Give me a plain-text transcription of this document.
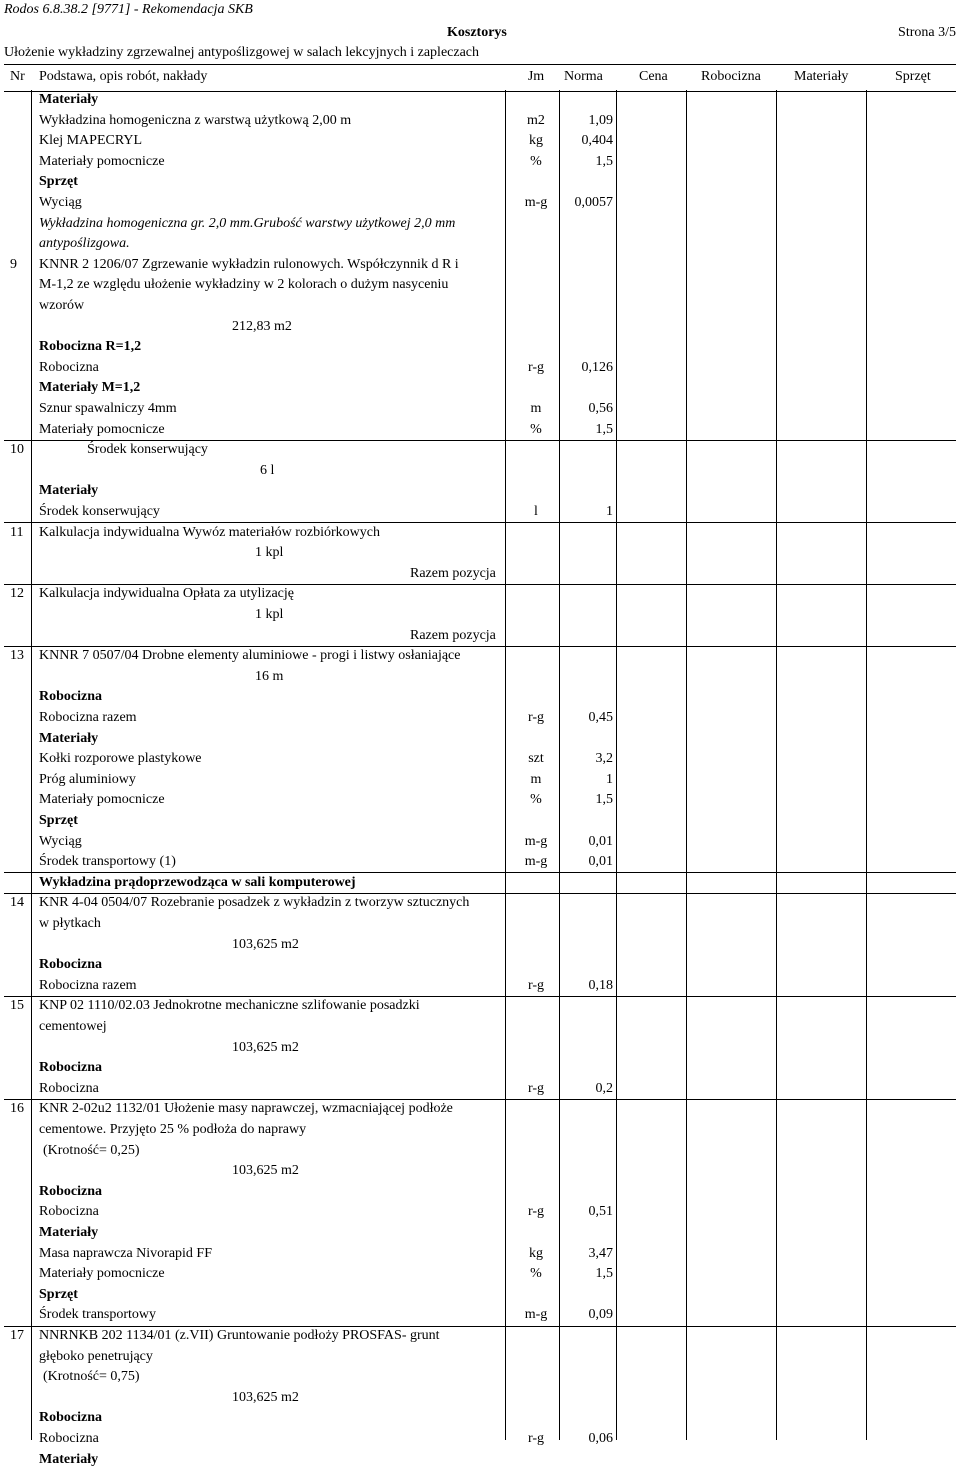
Rodos 6.8.38.2 [9771] - Rekomendacja SKB
Kosztorys	Strona 3/5
Ułożenie wykładziny zgrzewalnej antypoślizgowej w salach lekcyjnych i zapleczach
Nr Podstawa, opis robót, nakłady	Jm	Norma	Cena Robocizna Materiały	Sprzęt
Materiały
Wykładzina homogeniczna z warstwą użytkową 2,00 m	m2	1,09
Klej MAPECRYL	kg	0,404
Materiały pomocnicze	%	1,5
Sprzęt
Wyciąg	m-g	0,0057
Wykładzina homogeniczna gr. 2,0 mm.Grubość warstwy użytkowej 2,0 mm
antypoślizgowa.
9 KNNR 2 1206/07 Zgrzewanie wykładzin rulonowych. Współczynnik d R i
M-1,2 ze względu ułożenie wykładziny w 2 kolorach o dużym nasyceniu
wzorów
212,83 m2
Robocizna R=1,2
Robocizna	r-g	0,126
Materiały M=1,2
Sznur spawalniczy 4mm	m	0,56
Materiały pomocnicze	%	1,5
10	Środek konserwujący
6 l
Materiały
Środek konserwujący	l	1
11 Kalkulacja indywidualna Wywóz materiałów rozbiórkowych
1 kpl
Razem pozycja
12 Kalkulacja indywidualna Opłata za utylizację
1 kpl
Razem pozycja
13 KNNR 7 0507/04 Drobne elementy aluminiowe - progi i listwy osłaniające
16 m
Robocizna
Robocizna razem	r-g	0,45
Materiały
Kołki rozporowe plastykowe	szt	3,2
Próg aluminiowy	m	1
Materiały pomocnicze	%	1,5
Sprzęt
Wyciąg	m-g	0,01
Środek transportowy (1)	m-g	0,01
Wykładzina prądoprzewodząca w sali komputerowej
14 KNR 4-04 0504/07 Rozebranie posadzek z wykładzin z tworzyw sztucznych
w płytkach
103,625 m2
Robocizna
Robocizna razem	r-g	0,18
15 KNP 02 1110/02.03 Jednokrotne mechaniczne szlifowanie posadzki
cementowej
103,625 m2
Robocizna
Robocizna	r-g	0,2
16 KNR 2-02u2 1132/01 Ułożenie masy naprawczej, wzmacniającej podłoże
cementowe. Przyjęto 25 % podłoża do naprawy
(Krotność= 0,25)
103,625 m2
Robocizna
Robocizna	r-g	0,51
Materiały
Masa naprawcza Nivorapid FF	kg	3,47
Materiały pomocnicze	%	1,5
Sprzęt
Środek transportowy	m-g	0,09
17 NNRNKB 202 1134/01 (z.VII) Gruntowanie podłoży PROSFAS- grunt
głęboko penetrujący
(Krotność= 0,75)
103,625 m2
Robocizna
Robocizna	r-g	0,06
Materiały
